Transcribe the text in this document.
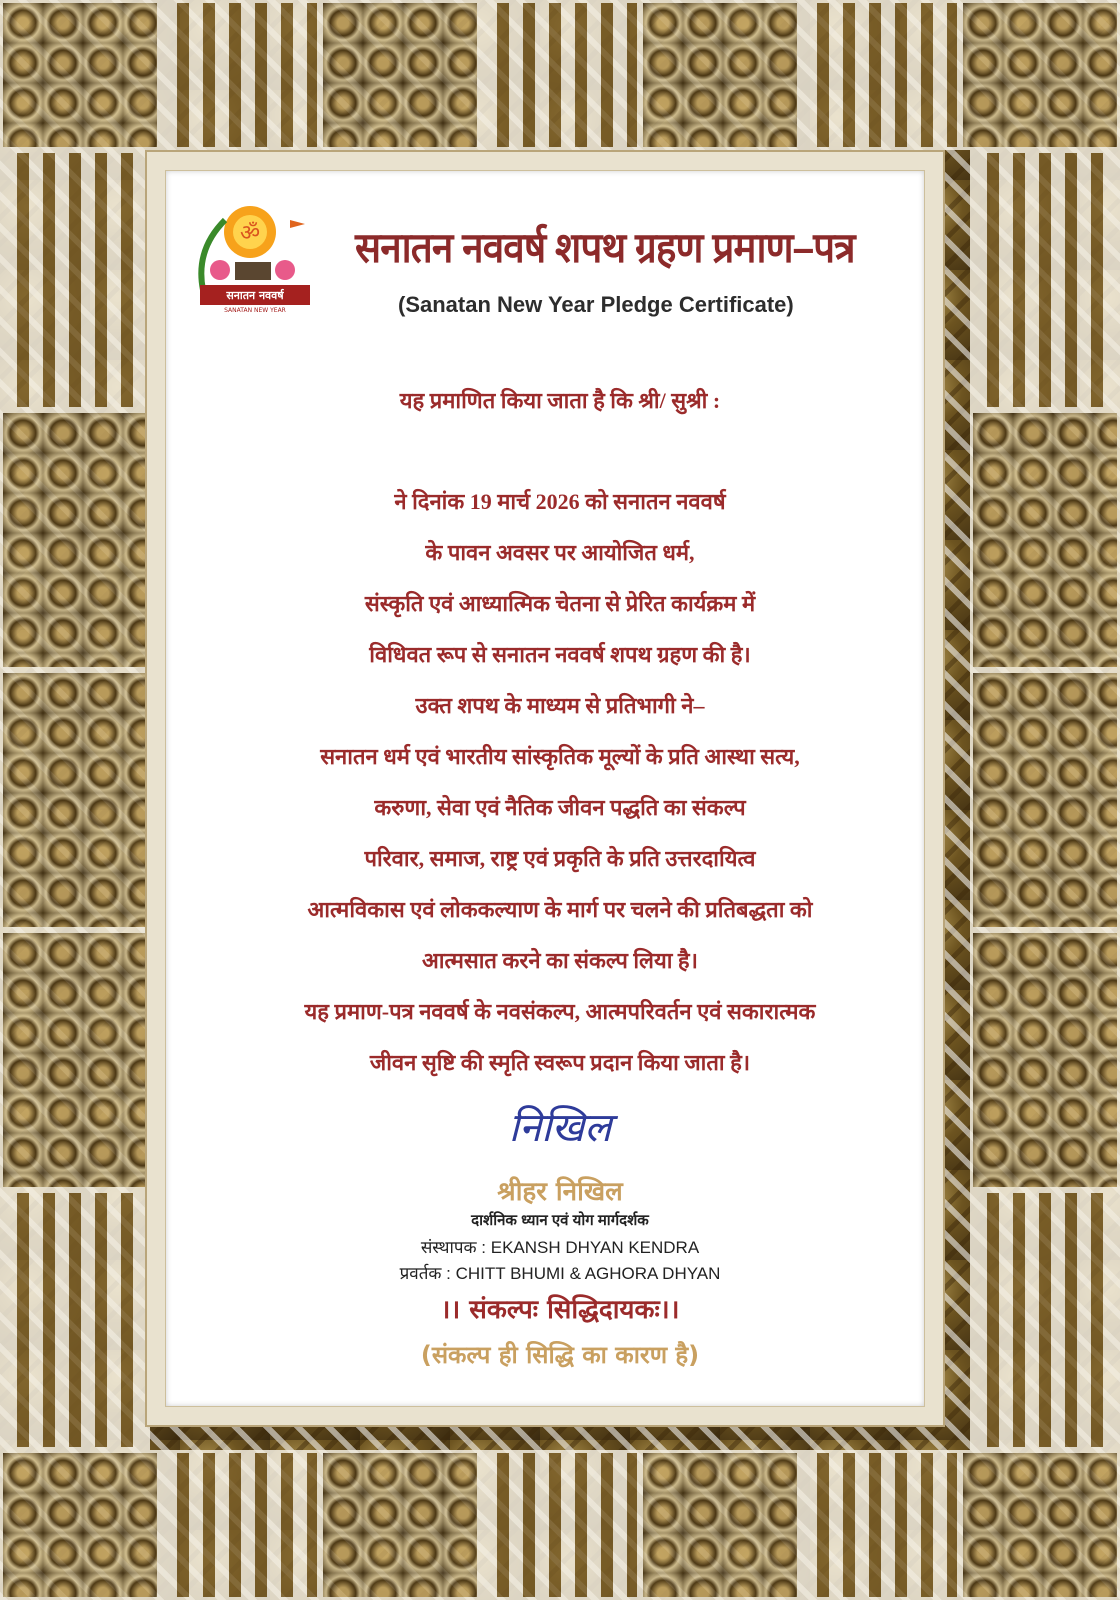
ॐ
सनातन नववर्ष
SANATAN NEW YEAR
सनातन नववर्ष शपथ ग्रहण प्रमाण–पत्र
(Sanatan New Year Pledge Certificate)
यह प्रमाणित किया जाता है कि श्री/ सुश्री :
ने दिनांक 19 मार्च 2026 को सनातन नववर्ष
के पावन अवसर पर आयोजित धर्म,
संस्कृति एवं आध्यात्मिक चेतना से प्रेरित कार्यक्रम में
विधिवत रूप से सनातन नववर्ष शपथ ग्रहण की है।
उक्त शपथ के माध्यम से प्रतिभागी ने–
सनातन धर्म एवं भारतीय सांस्कृतिक मूल्यों के प्रति आस्था सत्य,
करुणा, सेवा एवं नैतिक जीवन पद्धति का संकल्प
परिवार, समाज, राष्ट्र एवं प्रकृति के प्रति उत्तरदायित्व
आत्मविकास एवं लोककल्याण के मार्ग पर चलने की प्रतिबद्धता को
आत्मसात करने का संकल्प लिया है।
यह प्रमाण-पत्र नववर्ष के नवसंकल्प, आत्मपरिवर्तन एवं सकारात्मक
जीवन सृष्टि की स्मृति स्वरूप प्रदान किया जाता है।
निखिल
श्रीहर निखिल
दार्शनिक ध्यान एवं योग मार्गदर्शक
संस्थापक : EKANSH DHYAN KENDRA
प्रवर्तक : CHITT BHUMI & AGHORA DHYAN
।। संकल्पः सिद्धिदायकः।।
(संकल्प ही सिद्धि का कारण है)
